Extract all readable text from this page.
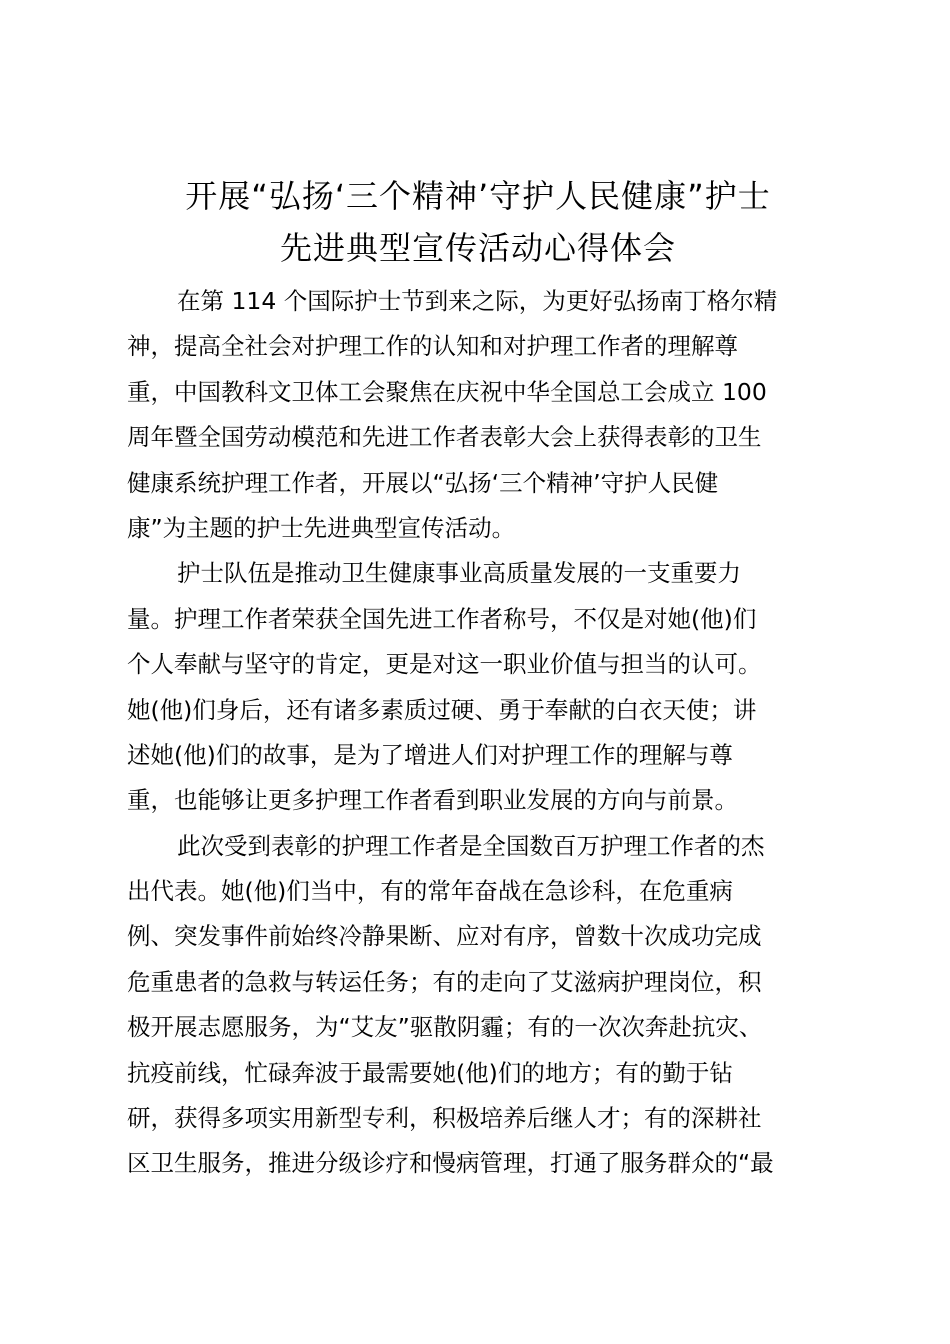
开展“弘扬‘三个精神’守护人民健康”护士
先进典型宣传活动心得体会

在第 114 个国际护士节到来之际，为更好弘扬南丁格尔精
神，提高全社会对护理工作的认知和对护理工作者的理解尊
重，中国教科文卫体工会聚焦在庆祝中华全国总工会成立 100
周年暨全国劳动模范和先进工作者表彰大会上获得表彰的卫生
健康系统护理工作者，开展以“弘扬‘三个精神’守护人民健
康”为主题的护士先进典型宣传活动。

护士队伍是推动卫生健康事业高质量发展的一支重要力
量。护理工作者荣获全国先进工作者称号，不仅是对她(他)们
个人奉献与坚守的肯定，更是对这一职业价值与担当的认可。
她(他)们身后，还有诸多素质过硬、勇于奉献的白衣天使；讲
述她(他)们的故事，是为了增进人们对护理工作的理解与尊
重，也能够让更多护理工作者看到职业发展的方向与前景。

此次受到表彰的护理工作者是全国数百万护理工作者的杰
出代表。她(他)们当中，有的常年奋战在急诊科，在危重病
例、突发事件前始终冷静果断、应对有序，曾数十次成功完成
危重患者的急救与转运任务；有的走向了艾滋病护理岗位，积
极开展志愿服务，为“艾友”驱散阴霾；有的一次次奔赴抗灾、
抗疫前线，忙碌奔波于最需要她(他)们的地方；有的勤于钻
研，获得多项实用新型专利，积极培养后继人才；有的深耕社
区卫生服务，推进分级诊疗和慢病管理，打通了服务群众的“最
